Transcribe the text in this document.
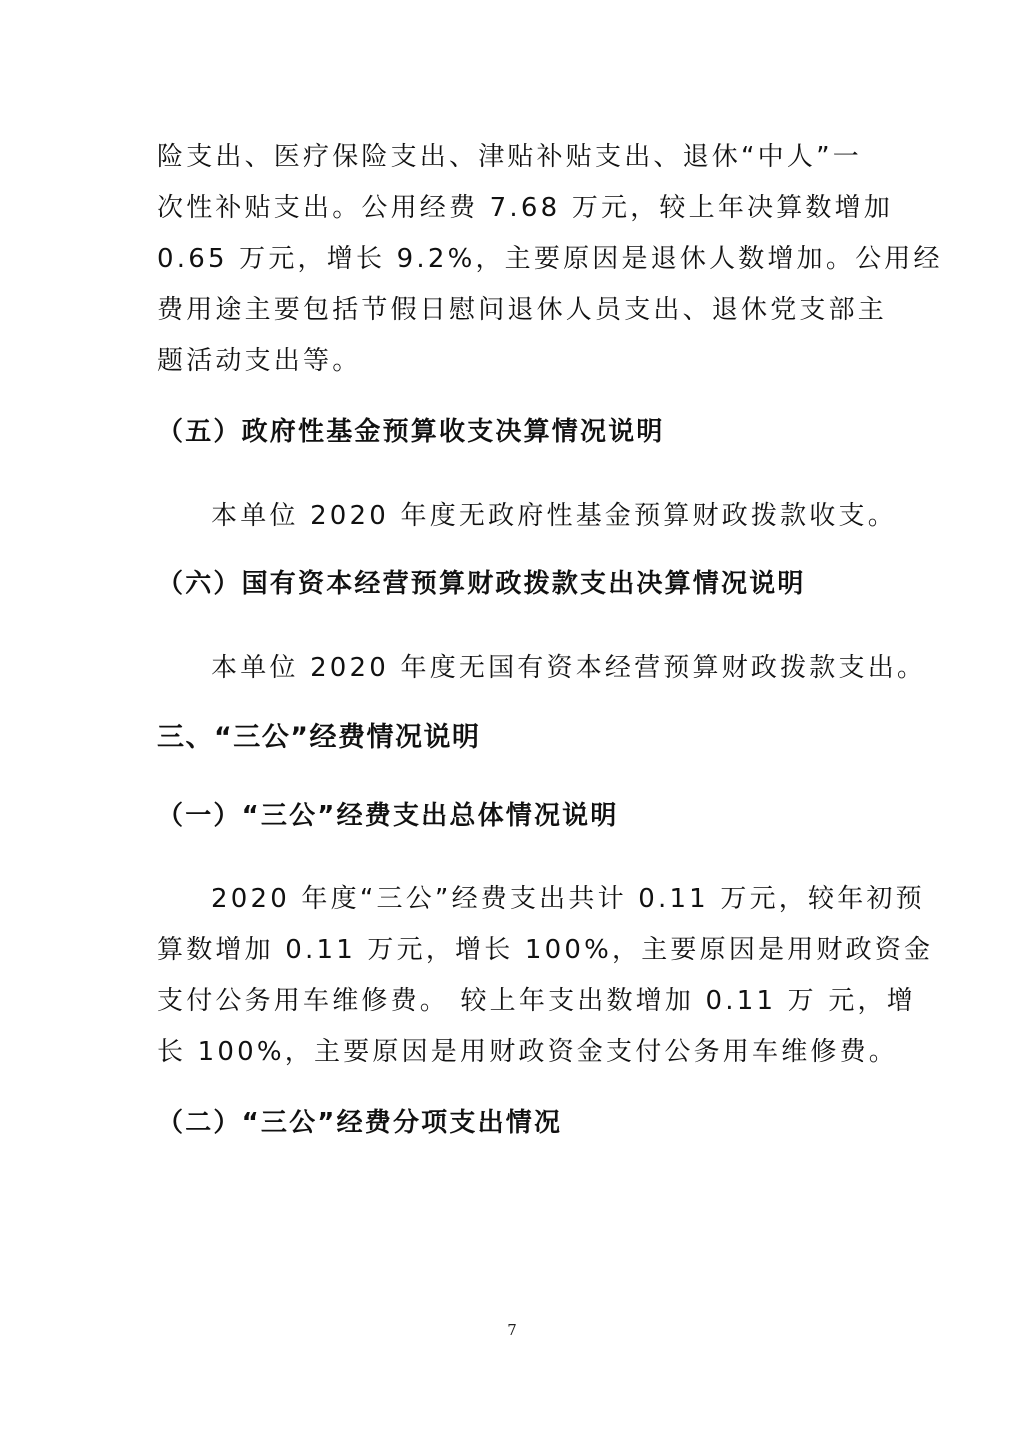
险支出、医疗保险支出、津贴补贴支出、退休“中人”一
次性补贴支出。公用经费 7.68 万元，较上年决算数增加
0.65 万元，增长 9.2%，主要原因是退休人数增加。公用经
费用途主要包括节假日慰问退休人员支出、退休党支部主
题活动支出等。
（五）政府性基金预算收支决算情况说明
本单位 2020 年度无政府性基金预算财政拨款收支。
（六）国有资本经营预算财政拨款支出决算情况说明
本单位 2020 年度无国有资本经营预算财政拨款支出。
三、“三公”经费情况说明
（一）“三公”经费支出总体情况说明
2020 年度“三公”经费支出共计 0.11 万元，较年初预
算数增加 0.11 万元，增长 100%，主要原因是用财政资金
支付公务用车维修费。 较上年支出数增加 0.11 万 元，增
长 100%，主要原因是用财政资金支付公务用车维修费。
（二）“三公”经费分项支出情况
7
